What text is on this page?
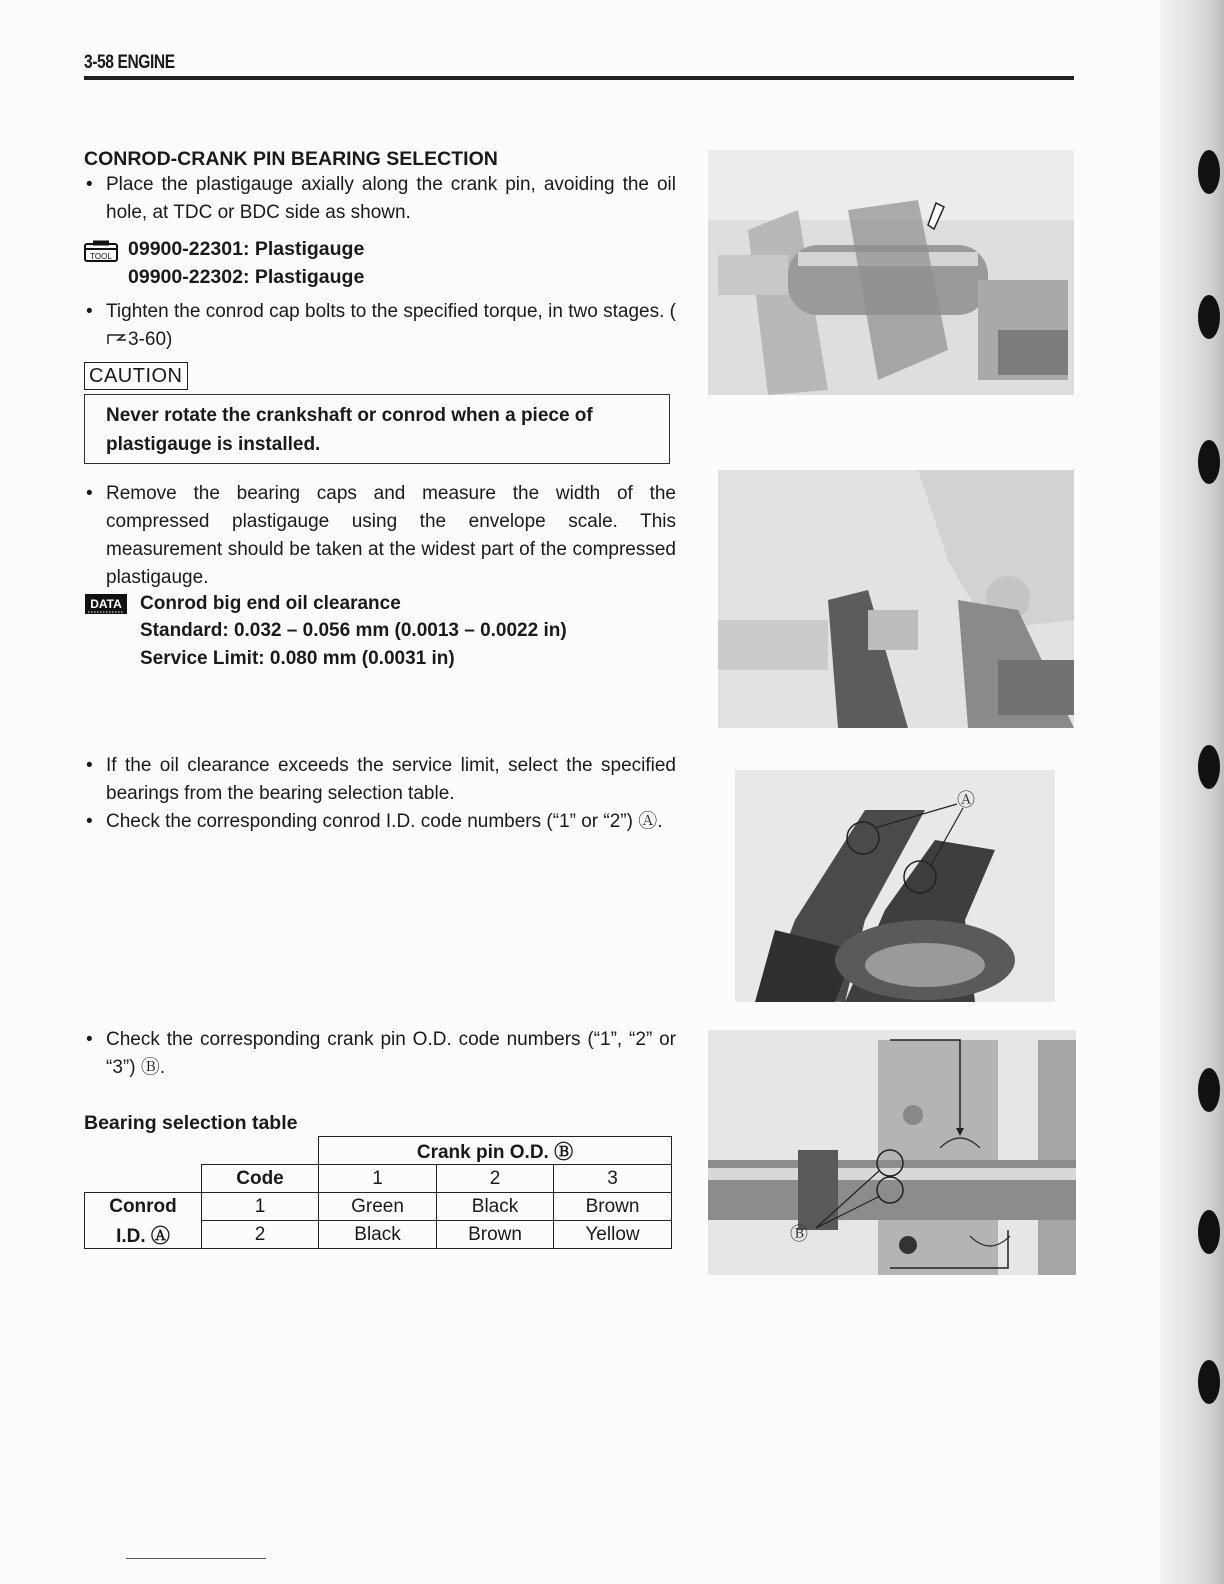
3-58 ENGINE
CONROD-CRANK PIN BEARING SELECTION
• Place the plastigauge axially along the crank pin, avoiding the oil hole, at TDC or BDC side as shown.
TOOL 09900-22301: Plastigauge
09900-22302: Plastigauge
• Tighten the conrod cap bolts to the specified torque, in two stages. (3-60)
CAUTION
Never rotate the crankshaft or conrod when a piece of plastigauge is installed.
• Remove the bearing caps and measure the width of the compressed plastigauge using the envelope scale. This measurement should be taken at the widest part of the compressed plastigauge.
DATA Conrod big end oil clearance
Standard: 0.032 – 0.056 mm (0.0013 – 0.0022 in)
Service Limit: 0.080 mm (0.0031 in)
• If the oil clearance exceeds the service limit, select the specified bearings from the bearing selection table.
• Check the corresponding conrod I.D. code numbers (“1” or “2”) Ⓐ.
• Check the corresponding crank pin O.D. code numbers (“1”, “2” or “3”) Ⓑ.
Bearing selection table
		Crank pin O.D. Ⓑ		
	Code	1	2	3
Conrod	1	Green	Black	Brown
I.D. Ⓐ	2	Black	Brown	Yellow
Ⓐ
Ⓑ
